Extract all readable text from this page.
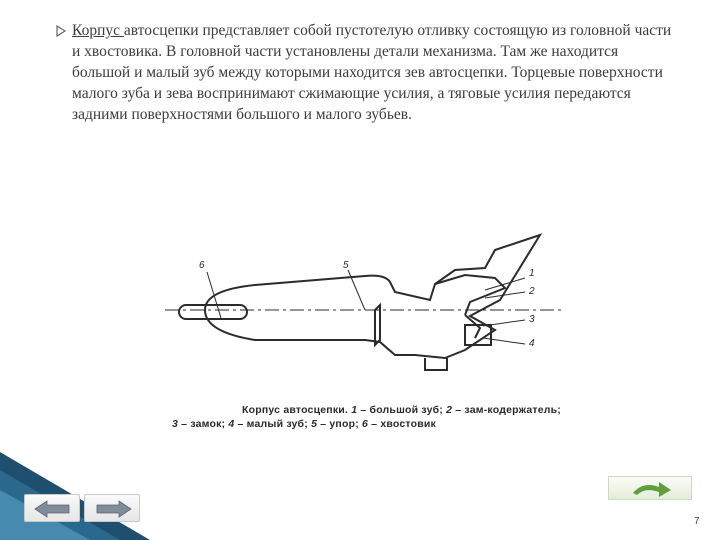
Корпус автосцепки представляет собой пустотелую отливку состоящую из головной части и хвостовика. В головной части установлены детали механизма. Там же находится большой и малый зуб между которыми находится зев автосцепки. Торцевые поверхности малого зуба и зева воспринимают сжимающие усилия, а тяговые усилия передаются задними поверхностями большого и малого зубьев.
6	5
1
2
3
4
Корпус автосцепки. 1 – большой зуб; 2 – зам-кодержатель;
3 – замок; 4 – малый зуб; 5 – упор; 6 – хвостовик
7
